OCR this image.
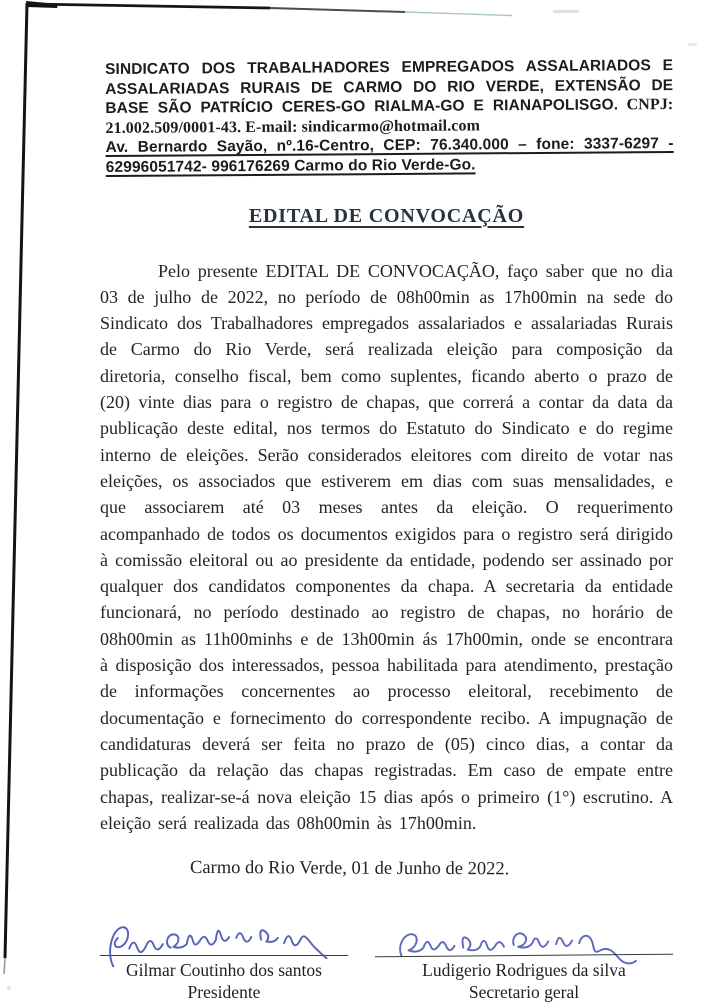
SINDICATO DOS TRABALHADORES EMPREGADOS ASSALARIADOS E
ASSALARIADAS RURAIS DE CARMO DO RIO VERDE, EXTENSÃO DE
BASE SÃO PATRÍCIO CERES-GO RIALMA-GO E RIANAPOLISGO. CNPJ:
21.002.509/0001-43. E-mail: sindicarmo@hotmail.com
Av. Bernardo Sayão, nº.16-Centro, CEP: 76.340.000 – fone: 3337-6297 -
62996051742- 996176269 Carmo do Rio Verde-Go.
EDITAL DE CONVOCAÇÃO

Pelo presente EDITAL DE CONVOCAÇÃO, faço saber que no dia 03 de julho de 2022, no período de 08h00min as 17h00min na sede do Sindicato dos Trabalhadores empregados assalariados e assalariadas Rurais de Carmo do Rio Verde, será realizada eleição para composição da diretoria, conselho fiscal, bem como suplentes, ficando aberto o prazo de (20) vinte dias para o registro de chapas, que correrá a contar da data da publicação deste edital, nos termos do Estatuto do Sindicato e do regime interno de eleições. Serão considerados eleitores com direito de votar nas eleições, os associados que estiverem em dias com suas mensalidades, e que associarem até 03 meses antes da eleição. O requerimento acompanhado de todos os documentos exigidos para o registro será dirigido à comissão eleitoral ou ao presidente da entidade, podendo ser assinado por qualquer dos candidatos componentes da chapa. A secretaria da entidade funcionará, no período destinado ao registro de chapas, no horário de 08h00min as 11h00minhs e de 13h00min ás 17h00min, onde se encontrara à disposição dos interessados, pessoa habilitada para atendimento, prestação de informações concernentes ao processo eleitoral, recebimento de documentação e fornecimento do correspondente recibo. A impugnação de candidaturas deverá ser feita no prazo de (05) cinco dias, a contar da publicação da relação das chapas registradas. Em caso de empate entre chapas, realizar-se-á nova eleição 15 dias após o primeiro (1°) escrutino. A eleição será realizada das 08h00min às 17h00min.

Carmo do Rio Verde, 01 de Junho de 2022.

Gilmar Coutinho dos santos
Presidente
Ludigerio Rodrigues da silva
Secretario geral
